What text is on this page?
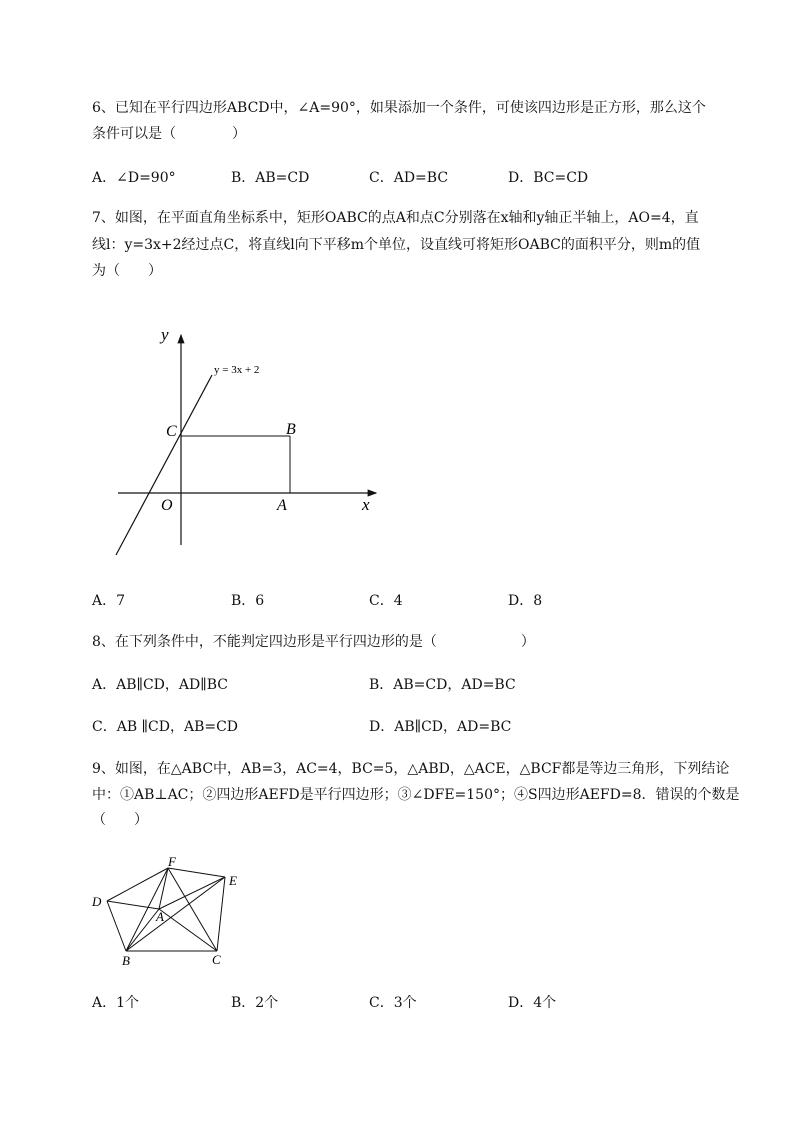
6、已知在平行四边形ABCD中，∠A=90°，如果添加一个条件，可使该四边形是正方形，那么这个
条件可以是（　　　　）
A．∠D=90°	B．AB=CD	C．AD=BC	D．BC=CD
7、如图，在平面直角坐标系中，矩形OABC的点A和点C分别落在x轴和y轴正半轴上，AO=4，直
线l：y=3x+2经过点C，将直线l向下平移m个单位，设直线可将矩形OABC的面积平分，则m的值
为（　　）
y
x
y = 3x + 2
C	B
O	A
F
E
D
A
B	C
A．7	B．6	C．4	D．8
8、在下列条件中，不能判定四边形是平行四边形的是（　　　　　　）
A．AB∥CD，AD∥BC	B．AB=CD，AD=BC
C．AB ∥CD，AB=CD	D．AB∥CD，AD=BC
9、如图，在△ABC中，AB=3，AC=4，BC=5，△ABD，△ACE，△BCF都是等边三角形，下列结论
中：①AB⊥AC；②四边形AEFD是平行四边形；③∠DFE=150°；④S四边形AEFD=8．错误的个数是
（　　）
A．1个	B．2个	C．3个	D．4个
